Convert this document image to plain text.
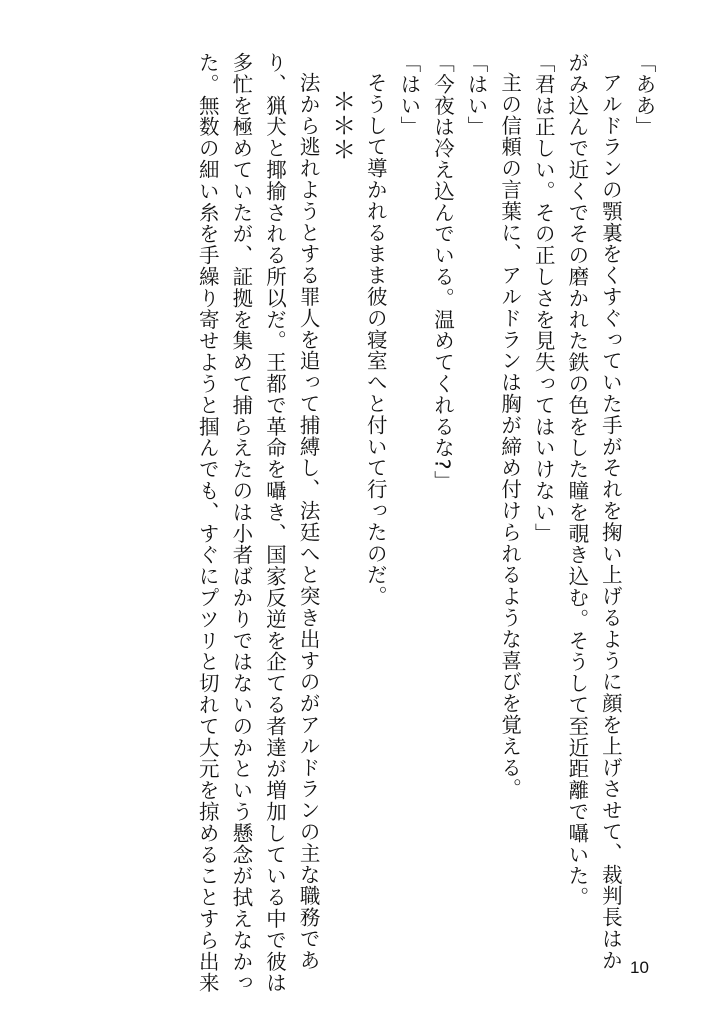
「ああ」
アルドランの顎裏をくすぐっていた手がそれを掬い上げるように顔を上げさせて、裁判長はか
がみ込んで近くでその磨かれた鉄の色をした瞳を覗き込む。そうして至近距離で囁いた。
「君は正しい。その正しさを見失ってはいけない」
主の信頼の言葉に、アルドランは胸が締め付けられるような喜びを覚える。
「はい」
「今夜は冷え込んでいる。温めてくれるな?」
「はい」
そうして導かれるまま彼の寝室へと付いて行ったのだ。
＊＊＊
法から逃れようとする罪人を追って捕縛し、法廷へと突き出すのがアルドランの主な職務であ
り、猟犬と揶揄される所以だ。王都で革命を囁き、国家反逆を企てる者達が増加している中で彼は
多忙を極めていたが、証拠を集めて捕らえたのは小者ばかりではないのかという懸念が拭えなかっ
た。無数の細い糸を手繰り寄せようと掴んでも、すぐにプツリと切れて大元を掠めることすら出来	10
